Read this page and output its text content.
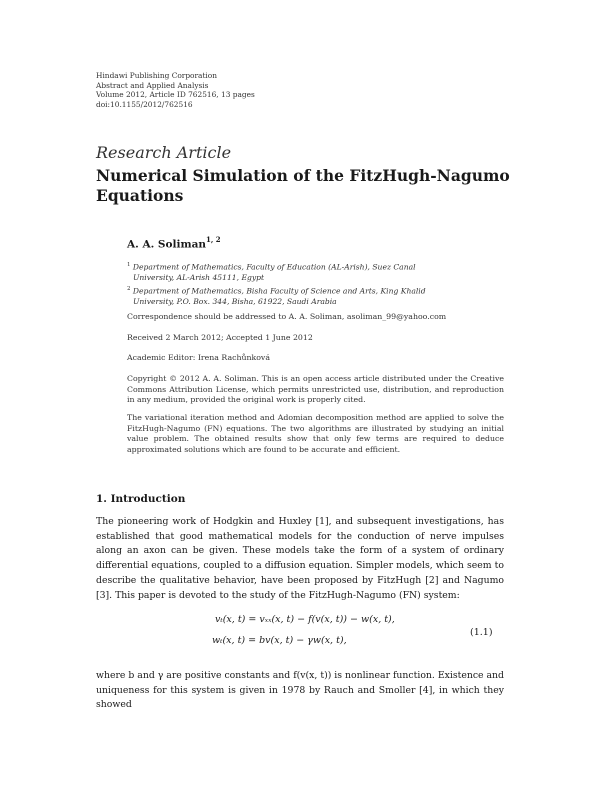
Hindawi Publishing Corporation
Abstract and Applied Analysis
Volume 2012, Article ID 762516, 13 pages
doi:10.1155/2012/762516
Research Article
Numerical Simulation of the FitzHugh-Nagumo Equations
A. A. Soliman$^{1, 2}$
$^1$ Department of Mathematics, Faculty of Education (AL-Arish), Suez Canal University, AL-Arish 45111, Egypt
$^2$ Department of Mathematics, Bisha Faculty of Science and Arts, King Khalid University, P.O. Box. 344, Bisha, 61922, Saudi Arabia
Correspondence should be addressed to A. A. Soliman, asoliman_99@yahoo.com
Received 2 March 2012; Accepted 1 June 2012
Academic Editor: Irena Rachůnková
Copyright © 2012 A. A. Soliman. This is an open access article distributed under the Creative Commons Attribution License, which permits unrestricted use, distribution, and reproduction in any medium, provided the original work is properly cited.
The variational iteration method and Adomian decomposition method are applied to solve the FitzHugh-Nagumo (FN) equations. The two algorithms are illustrated by studying an initial value problem. The obtained results show that only few terms are required to deduce approximated solutions which are found to be accurate and efficient.
1. Introduction
The pioneering work of Hodgkin and Huxley [1], and subsequent investigations, has established that good mathematical models for the conduction of nerve impulses along an axon can be given. These models take the form of a system of ordinary differential equations, coupled to a diffusion equation. Simpler models, which seem to describe the qualitative behavior, have been proposed by FitzHugh [2] and Nagumo [3]. This paper is devoted to the study of the FitzHugh-Nagumo (FN) system:
vₜ(x, t) = vₓₓ(x, t) − f(v(x, t)) − w(x, t),
wₜ(x, t) = bv(x, t) − γw(x, t),
(1.1)
where b and γ are positive constants and f(v(x, t)) is nonlinear function. Existence and uniqueness for this system is given in 1978 by Rauch and Smoller [4], in which they showed
